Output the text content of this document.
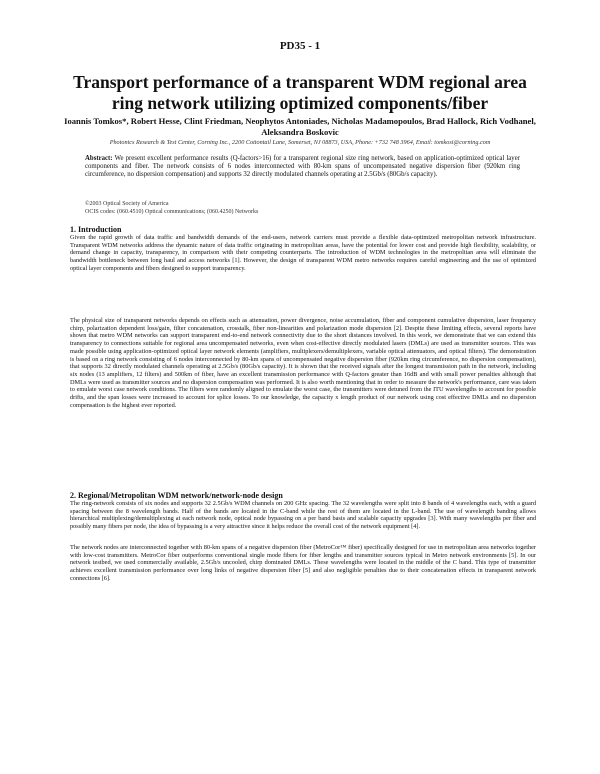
PD35 - 1
Transport performance of a transparent WDM regional area ring network utilizing optimized components/fiber
Ioannis Tomkos*, Robert Hesse, Clint Friedman, Neophytos Antoniades, Nicholas Madamopoulos, Brad Hallock, Rich Vodhanel, Aleksandra Boskovic
Photonics Research & Test Center, Corning Inc., 2200 Cottontail Lane, Somerset, NJ 08873, USA, Phone: +732 748 3964, Email: tomkosi@corning.com
Abstract: We present excellent performance results (Q-factors>16) for a transparent regional size ring network, based on application-optimized optical layer components and fiber. The network consists of 6 nodes interconnected with 80-km spans of uncompensated negative dispersion fiber (920km ring circumference, no dispersion compensation) and supports 32 directly modulated channels operating at 2.5Gb/s (80Gb/s capacity).
©2003 Optical Society of America
OCIS codes: (060.4510) Optical communications; (060.4250) Networks
1. Introduction
Given the rapid growth of data traffic and bandwidth demands of the end-users, network carriers must provide a flexible data-optimized metropolitan network infrastructure. Transparent WDM networks address the dynamic nature of data traffic originating in metropolitan areas, have the potential for lower cost and provide high flexibility, scalability, or demand change in capacity, transparency, in comparison with their competing counterparts. The introduction of WDM technologies in the metropolitan area will eliminate the bandwidth bottleneck between long haul and access networks [1]. However, the design of transparent WDM metro networks requires careful engineering and the use of optimized optical layer components and fibers designed to support transparency.
The physical size of transparent networks depends on effects such as attenuation, power divergence, noise accumulation, fiber and component cumulative dispersion, laser frequency chirp, polarization dependent loss/gain, filter concatenation, crosstalk, fiber non-linearities and polarization mode dispersion [2]. Despite these limiting effects, several reports have shown that metro WDM networks can support transparent end-to-end network connectivity due to the short distances involved. In this work, we demonstrate that we can extend this transparency to connections suitable for regional area uncompensated networks, even when cost-effective directly modulated lasers (DMLs) are used as transmitter sources. This was made possible using application-optimized optical layer network elements (amplifiers, multiplexers/demultiplexers, variable optical attenuators, and optical filters). The demonstration is based on a ring network consisting of 6 nodes interconnected by 80-km spans of uncompensated negative dispersion fiber (920km ring circumference, no dispersion compensation), that supports 32 directly modulated channels operating at 2.5Gb/s (80Gb/s capacity). It is shown that the received signals after the longest transmission path in the network, including six nodes (13 amplifiers, 12 filters) and 500km of fiber, have an excellent transmission performance with Q-factors greater than 16dB and with small power penalties although that DMLs were used as transmitter sources and no dispersion compensation was performed. It is also worth mentioning that in order to measure the network's performance, care was taken to emulate worst case network conditions. The filters were randomly aligned to emulate the worst case, the transmitters were detuned from the ITU wavelengths to account for possible drifts, and the span losses were increased to account for splice losses. To our knowledge, the capacity x length product of our network using cost effective DMLs and no dispersion compensation is the highest ever reported.
2. Regional/Metropolitan WDM network/network-node design
The ring-network consists of six nodes and supports 32 2.5Gb/s WDM channels on 200 GHz spacing. The 32 wavelengths were split into 8 bands of 4 wavelengths each, with a guard spacing between the 8 wavelength bands. Half of the bands are located in the C-band while the rest of them are located in the L-band. The use of wavelength banding allows hierarchical multiplexing/demultiplexing at each network node, optical node bypassing on a per band basis and scalable capacity upgrades [3]. With many wavelengths per fiber and possibly many fibers per node, the idea of bypassing is a very attractive since it helps reduce the overall cost of the network equipment [4].
The network nodes are interconnected together with 80-km spans of a negative dispersion fiber (MetroCor™ fiber) specifically designed for use in metropolitan area networks together with low-cost transmitters. MetroCor fiber outperforms conventional single mode fibers for fiber lengths and transmitter sources typical in Metro network environments [5]. In our network testbed, we used commercially available, 2.5Gb/s uncooled, chirp dominated DMLs. These wavelengths were located in the middle of the C band. This type of transmitter achieves excellent transmission performance over long links of negative dispersion fiber [5] and also negligible penalties due to their concatenation effects in transparent network connections [6].
